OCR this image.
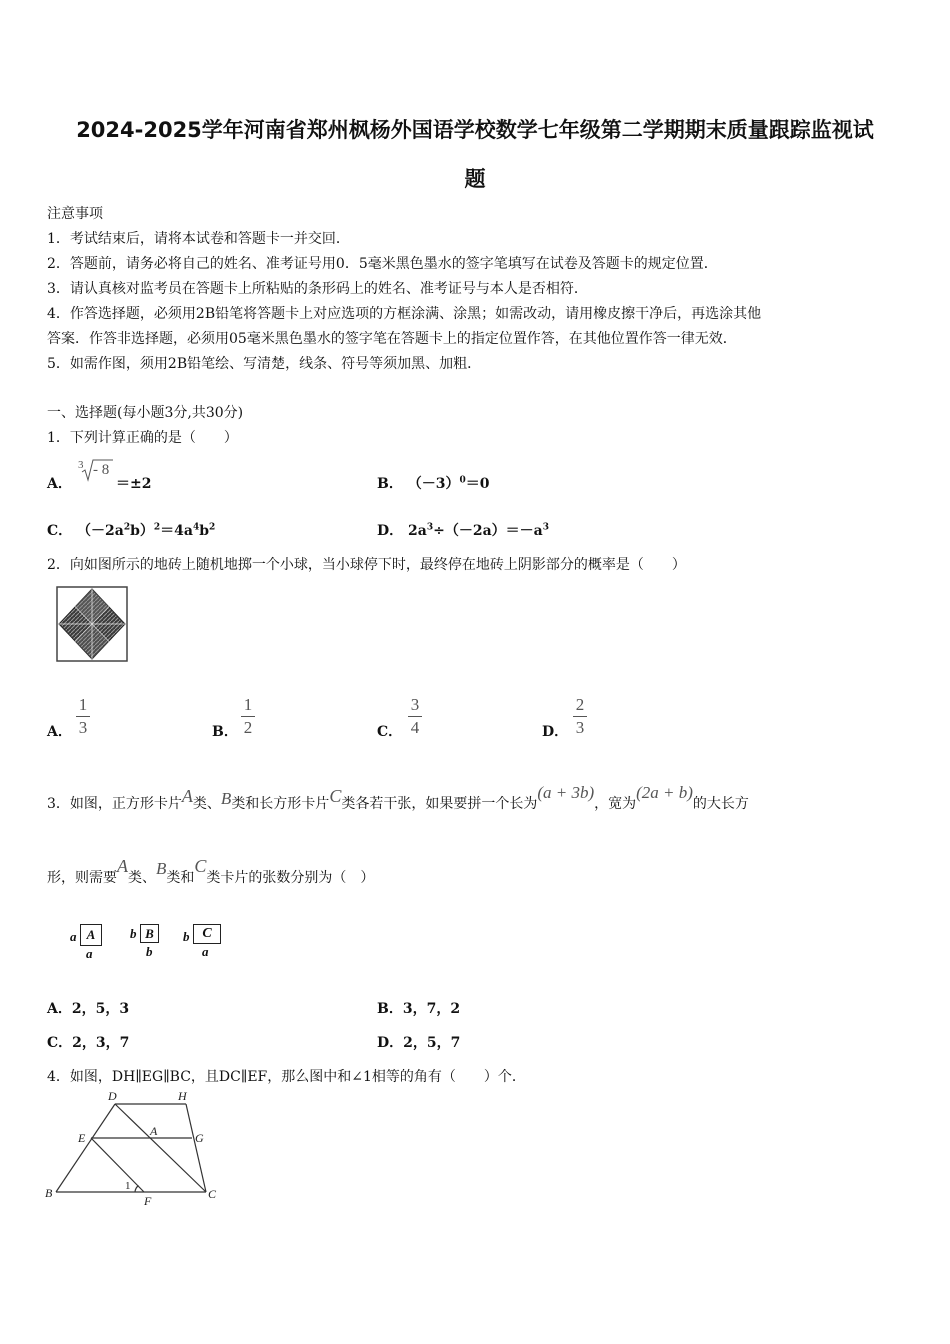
2024-2025学年河南省郑州枫杨外国语学校数学七年级第二学期期末质量跟踪监视试
题
注意事项
1．考试结束后，请将本试卷和答题卡一并交回．
2．答题前，请务必将自己的姓名、准考证号用0．5毫米黑色墨水的签字笔填写在试卷及答题卡的规定位置．
3．请认真核对监考员在答题卡上所粘贴的条形码上的姓名、准考证号与本人是否相符．
4．作答选择题，必须用2B铅笔将答题卡上对应选项的方框涂满、涂黑；如需改动，请用橡皮擦干净后，再选涂其他
答案．作答非选择题，必须用05毫米黑色墨水的签字笔在答题卡上的指定位置作答，在其他位置作答一律无效．
5．如需作图，须用2B铅笔绘、写清楚，线条、符号等须加黑、加粗．
一、选择题(每小题3分,共30分)
1．下列计算正确的是（　　）
A．
3 - 8
＝±2	B． $(-3)^0=0$
C． $(-2a^2b)^2=4a^4b^2$	D． $2a^3\div(-2a)=-a^3$
2．向如图所示的地砖上随机地掷一个小球，当小球停下时，最终停在地砖上阴影部分的概率是（　　）
A．
1
3	B．
1
2	C．
3
4	D．
2
3
3．如图，正方形卡片A类、B类和长方形卡片C类各若干张，如果要拼一个长为(a + 3b)，宽为(2a + b)的大长方
形，则需要A类、B类和C类卡片的张数分别为（　）
a A
a
b B
b
b C
a
A．2，5，3	B．3，7，2
C．2，3，7	D．2，5，7
4．如图，DH∥EG∥BC，且DC∥EF，那么图中和∠1相等的角有（　　）个．
D	H
E	A	G
B
F	C
1
